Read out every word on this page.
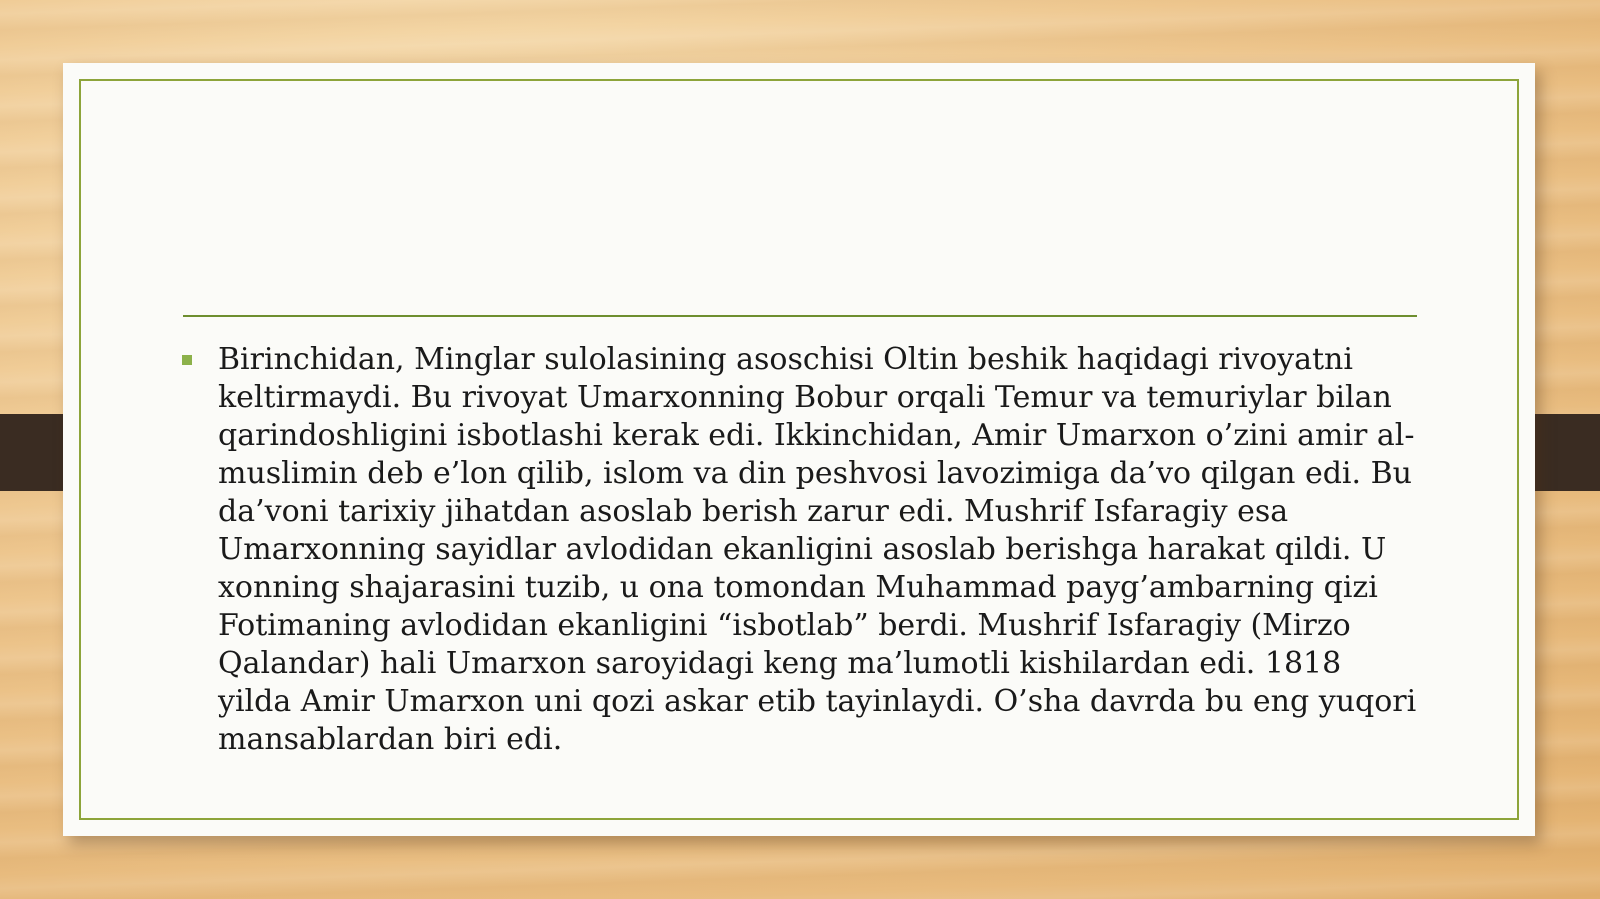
Birinchidan, Minglar sulolasining asoschisi Oltin beshik haqidagi rivoyatni keltirmaydi. Bu rivoyat Umarxonning Bobur orqali Temur va temuriylar bilan qarindoshligini isbotlashi kerak edi. Ikkinchidan, Amir Umarxon o’zini amir al-muslimin deb e’lon qilib, islom va din peshvosi lavozimiga da’vo qilgan edi. Bu da’voni tarixiy jihatdan asoslab berish zarur edi. Mushrif Isfaragiy esa Umarxonning sayidlar avlodidan ekanligini asoslab berishga harakat qildi. U xonning shajarasini tuzib, u ona tomondan Muhammad payg’ambarning qizi Fotimaning avlodidan ekanligini “isbotlab” berdi. Mushrif Isfaragiy (Mirzo Qalandar) hali Umarxon saroyidagi keng ma’lumotli kishilardan edi. 1818 yilda Amir Umarxon uni qozi askar etib tayinlaydi. O’sha davrda bu eng yuqori mansablardan biri edi.
